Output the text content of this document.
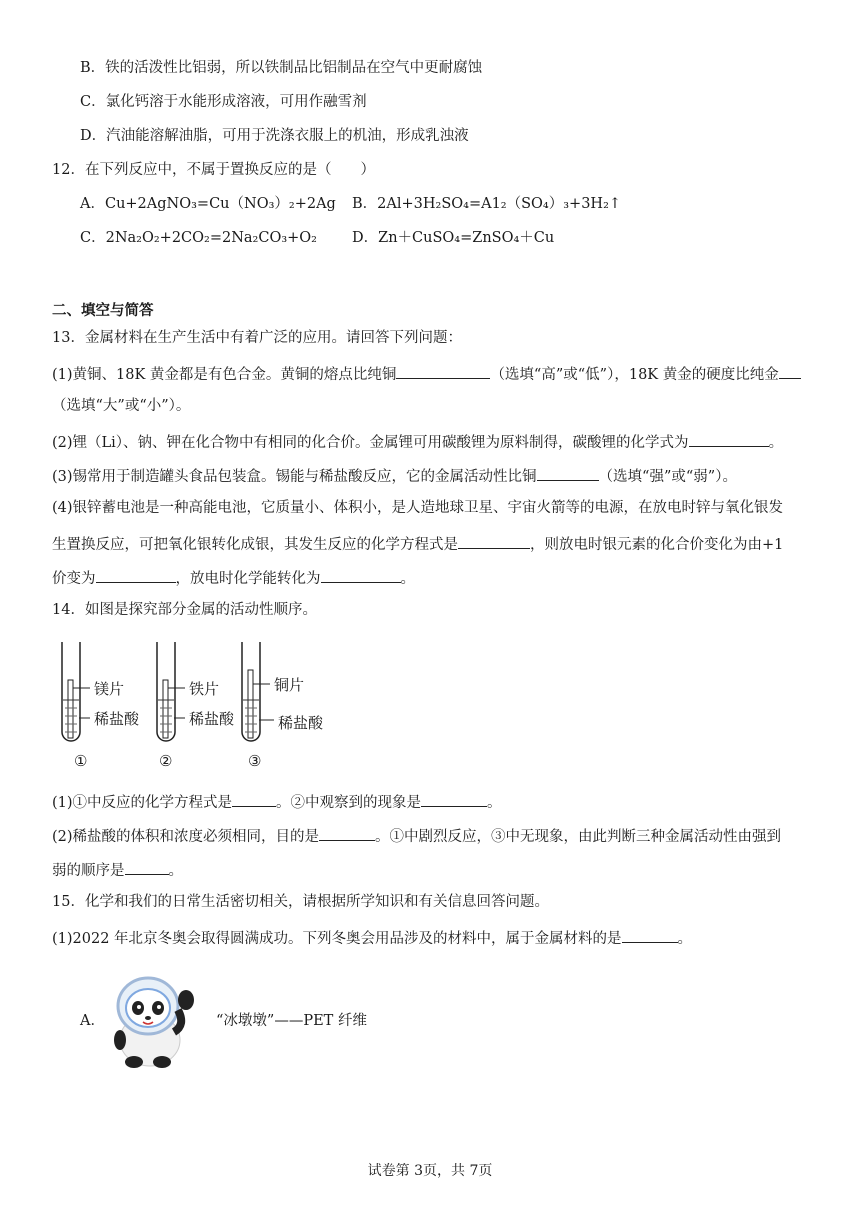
B．铁的活泼性比铝弱，所以铁制品比铝制品在空气中更耐腐蚀
C．氯化钙溶于水能形成溶液，可用作融雪剂
D．汽油能溶解油脂，可用于洗涤衣服上的机油，形成乳浊液
12．在下列反应中，不属于置换反应的是（　　）
A．Cu+2AgNO₃=Cu（NO₃）₂+2Ag B．2Al+3H₂SO₄=A1₂（SO₄）₃+3H₂↑
C．2Na₂O₂+2CO₂=2Na₂CO₃+O₂ D．Zn＋CuSO₄=ZnSO₄＋Cu
二、填空与简答
13．金属材料在生产生活中有着广泛的应用。请回答下列问题：
(1)黄铜、18K 黄金都是有色合金。黄铜的熔点比纯铜	（选填“高”或“低”），18K 黄金的硬度比纯金
（选填“大”或“小”）。
(2)锂（Li）、钠、钾在化合物中有相同的化合价。金属锂可用碳酸锂为原料制得，碳酸锂的化学式为	。
(3)锡常用于制造罐头食品包装盒。锡能与稀盐酸反应，它的金属活动性比铜	（选填“强”或“弱”）。
(4)银锌蓄电池是一种高能电池，它质量小、体积小，是人造地球卫星、宇宙火箭等的电源，在放电时锌与氧化银发
生置换反应，可把氧化银转化成银，其发生反应的化学方程式是	，则放电时银元素的化合价变化为由+1
价变为	，放电时化学能转化为	。
14．如图是探究部分金属的活动性顺序。
镁片
稀盐酸
①
铁片
稀盐酸
②
铜片
稀盐酸
③
(1)①中反应的化学方程式是	。②中观察到的现象是	。
(2)稀盐酸的体积和浓度必须相同，目的是	。①中剧烈反应，③中无现象，由此判断三种金属活动性由强到
弱的顺序是	。
15．化学和我们的日常生活密切相关，请根据所学知识和有关信息回答问题。
(1)2022 年北京冬奥会取得圆满成功。下列冬奥会用品涉及的材料中，属于金属材料的是	。
A．	“冰墩墩”——PET 纤维
试卷第 3页，共 7页
